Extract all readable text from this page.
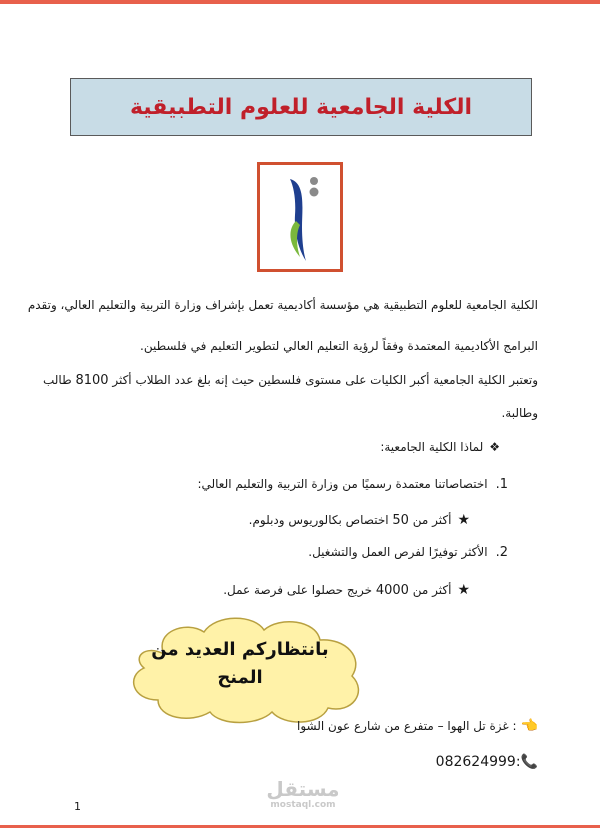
الكلية الجامعية للعلوم التطبيقية
الكلية الجامعية للعلوم التطبيقية هي مؤسسة أكاديمية تعمل بإشراف وزارة التربية والتعليم العالي، وتقدم
البرامج الأكاديمية المعتمدة وفقاً لرؤية التعليم العالي لتطوير التعليم في فلسطين.
وتعتبر الكلية الجامعية أكبر الكليات على مستوى فلسطين حيث إنه بلغ عدد الطلاب أكثر 8100 طالب
وطالبة.
❖لماذا الكلية الجامعية:
1.اختصاصاتنا معتمدة رسميًا من وزارة التربية والتعليم العالي:
★أكثر من 50 اختصاص بكالوريوس ودبلوم.
2.الأكثر توفيرًا لفرص العمل والتشغيل.
★أكثر من 4000 خريج حصلوا على فرصة عمل.
بانتظاركم العديد من
المنح
👈: غزة تل الهوا – متفرع من شارع عون الشوا
082624999:📞
1
مستقل
mostaql.com
